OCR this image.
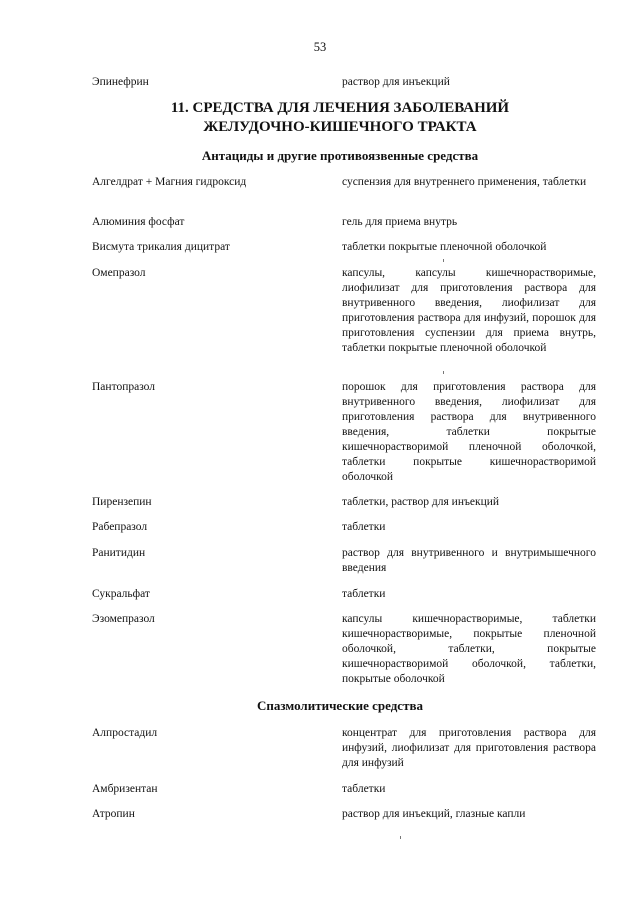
53
Эпинефрин	раствор для инъекций
11. СРЕДСТВА ДЛЯ ЛЕЧЕНИЯ ЗАБОЛЕВАНИЙ
ЖЕЛУДОЧНО-КИШЕЧНОГО ТРАКТА
Антациды и другие противоязвенные средства
Алгелдрат + Магния гидроксид	суспензия для внутреннего применения, таблетки
Алюминия фосфат	гель для приема внутрь
Висмута трикалия дицитрат	таблетки покрытые пленочной оболочкой
Омепразол	капсулы, капсулы кишечнорастворимые, лиофилизат для приготовления раствора для внутривенного введения, лиофилизат для приготовления раствора для инфузий, порошок для приготовления суспензии для приема внутрь, таблетки покрытые пленочной оболочкой
Пантопразол	порошок для приготовления раствора для внутривенного введения, лиофилизат для приготовления раствора для внутривенного введения, таблетки покрытые кишечнорастворимой пленочной оболочкой, таблетки покрытые кишечнорастворимой оболочкой
Пирензепин	таблетки, раствор для инъекций
Рабепразол	таблетки
Ранитидин	раствор для внутривенного и внутримышечного введения
Сукральфат	таблетки
Эзомепразол	капсулы кишечнорастворимые, таблетки кишечнорастворимые, покрытые пленочной оболочкой, таблетки, покрытые кишечнорастворимой оболочкой, таблетки, покрытые оболочкой
Спазмолитические средства
Алпростадил	концентрат для приготовления раствора для инфузий, лиофилизат для приготовления раствора для инфузий
Амбризентан	таблетки
Атропин	раствор для инъекций, глазные капли
